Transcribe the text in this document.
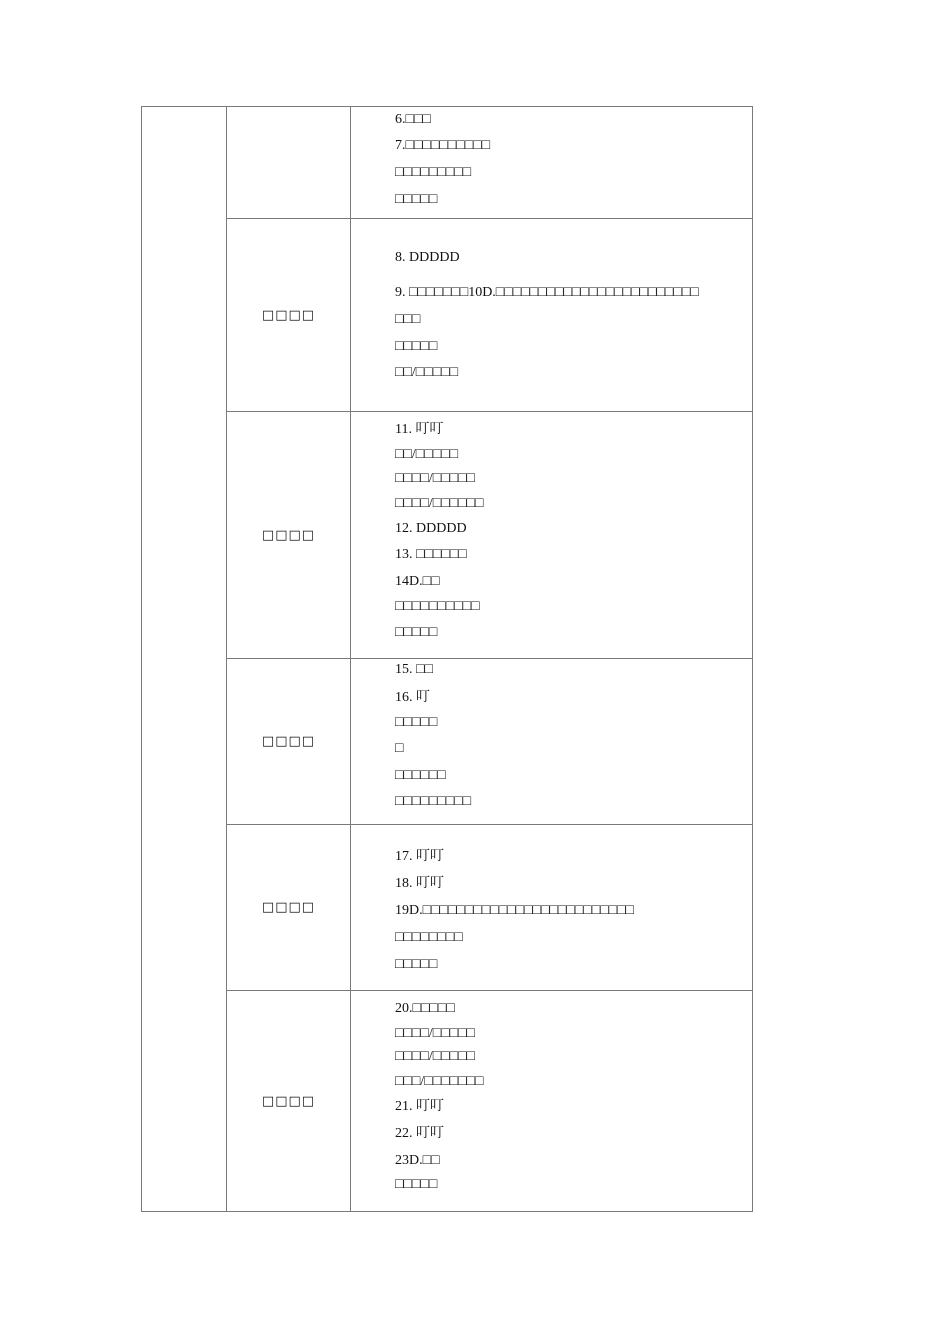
6.□□□
7.□□□□□□□□□□
□□□□□□□□□
□□□□□
□□□□
8. DDDDD
9. □□□□□□□10D.□□□□□□□□□□□□□□□□□□□□□□□□
□□□
□□□□□
□□/□□□□□
□□□□
11. 叮叮
□□/□□□□□
□□□□/□□□□□
□□□□/□□□□□□
12. DDDDD
13. □□□□□□
14D.□□
□□□□□□□□□□
□□□□□
□□□□
15. □□
16. 叮
□□□□□
□
□□□□□□
□□□□□□□□□
□□□□
17. 叮叮
18. 叮叮
19D.□□□□□□□□□□□□□□□□□□□□□□□□□
□□□□□□□□
□□□□□
□□□□
20.□□□□□
□□□□/□□□□□
□□□□/□□□□□
□□□/□□□□□□□
21. 叮叮
22. 叮叮
23D.□□
□□□□□
